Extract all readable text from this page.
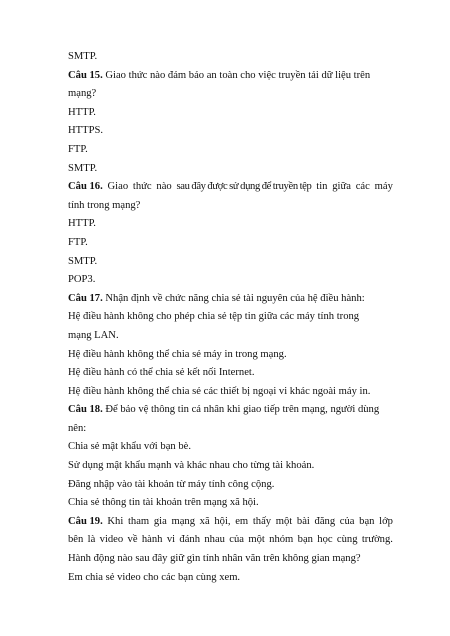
SMTP.
Câu 15. Giao thức nào đảm bảo an toàn cho việc truyền tải dữ liệu trên
mạng?
HTTP.
HTTPS.
FTP.
SMTP.
Câu 16. Giao thức nào sau đây được sử dụng để truyền tệp tin giữa các máy
tính trong mạng?
HTTP.
FTP.
SMTP.
POP3.
Câu 17. Nhận định về chức năng chia sẻ tài nguyên của hệ điều hành:
Hệ điều hành không cho phép chia sẻ tệp tin giữa các máy tính trong
mạng LAN.
Hệ điều hành không thể chia sẻ máy in trong mạng.
Hệ điều hành có thể chia sẻ kết nối Internet.
Hệ điều hành không thể chia sẻ các thiết bị ngoại vi khác ngoài máy in.
Câu 18. Để bảo vệ thông tin cá nhân khi giao tiếp trên mạng, người dùng
nên:
Chia sẻ mật khẩu với bạn bè.
Sử dụng mật khẩu mạnh và khác nhau cho từng tài khoản.
Đăng nhập vào tài khoản từ máy tính công cộng.
Chia sẻ thông tin tài khoản trên mạng xã hội.
Câu 19. Khi tham gia mạng xã hội, em thấy một bài đăng của bạn lớp
bên là video về hành vi đánh nhau của một nhóm bạn học cùng trường.
Hành động nào sau đây giữ gìn tính nhân văn trên không gian mạng?
Em chia sẻ video cho các bạn cùng xem.
